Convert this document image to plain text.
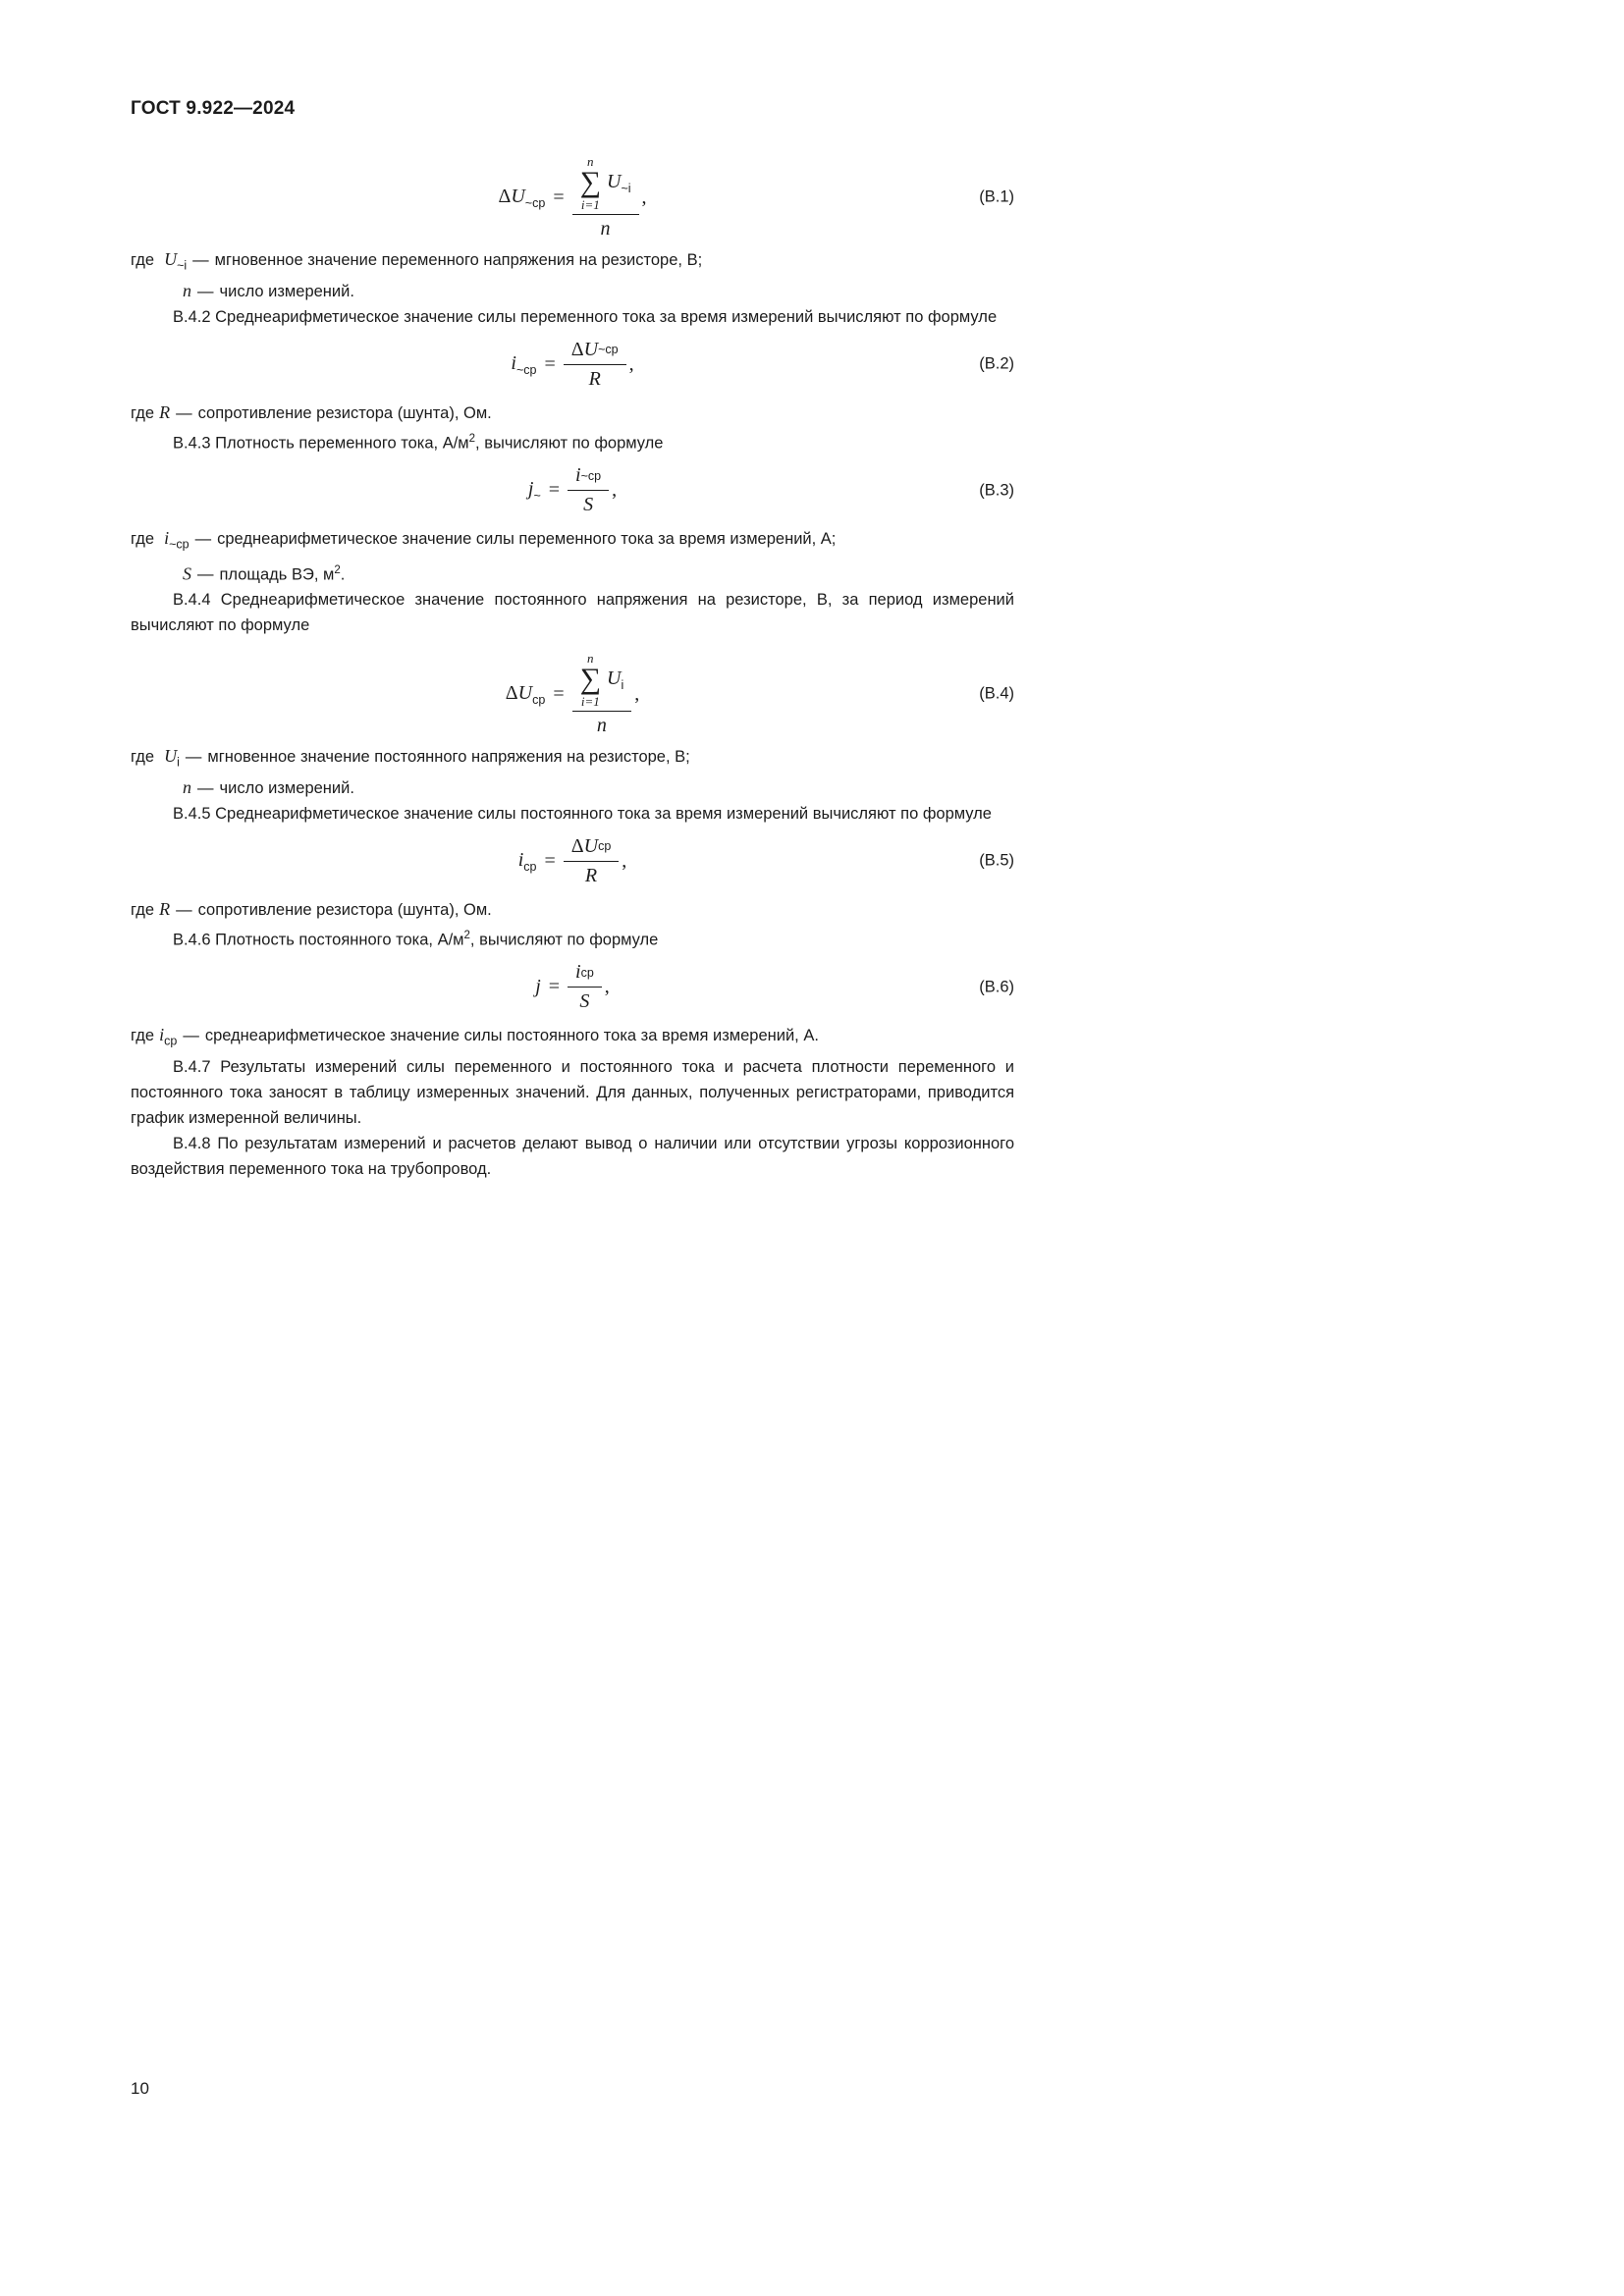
ГОСТ 9.922—2024
$\Delta U_{\sim ср}$ =
n
∑
i=1
$U_{\sim i}$
n
,	(В.1)
где $U_{\sim i}$ — мгновенное значение переменного напряжения на резисторе, В;
n — число измерений.

В.4.2 Среднеарифметическое значение силы переменного тока за время измерений вычисляют по формуле

$i_{\sim ср} = \frac{\text{Δ U \textasciitilde{}ср}}{R}$ ,	(В.2)
где R — сопротивление резистора (шунта), Ом.

В.4.3 Плотность переменного тока, $А/м^2$, вычисляют по формуле

$j_\sim = \frac{i \sim ср}{S}$ ,	(В.3)
где $i_{\sim ср}$ — среднеарифметическое значение силы переменного тока за время измерений, А;
S — площадь ВЭ, $м^2$.

В.4.4 Среднеарифметическое значение постоянного напряжения на резисторе, В, за период измерений вычисляют по формуле

$\Delta U_{ср}$ =
n
∑
i=1
$U_i$
n
,	(В.4)
где $U_i$ — мгновенное значение постоянного напряжения на резисторе, В;
n — число измерений.

В.4.5 Среднеарифметическое значение силы постоянного тока за время измерений вычисляют по формуле

$i_{ср} = \frac{\text{Δ U ср}}{R}$ ,	(В.5)
где R — сопротивление резистора (шунта), Ом.

В.4.6 Плотность постоянного тока, $А/м^2$, вычисляют по формуле

$j = \frac{\text{i ср}}{S}$ ,	(В.6)
где $i_{ср}$ — среднеарифметическое значение силы постоянного тока за время измерений, А.

В.4.7 Результаты измерений силы переменного и постоянного тока и расчета плотности переменного и постоянного тока заносят в таблицу измеренных значений. Для данных, полученных регистраторами, приводится график измеренной величины.

В.4.8 По результатам измерений и расчетов делают вывод о наличии или отсутствии угрозы коррозионного воздействия переменного тока на трубопровод.

10
